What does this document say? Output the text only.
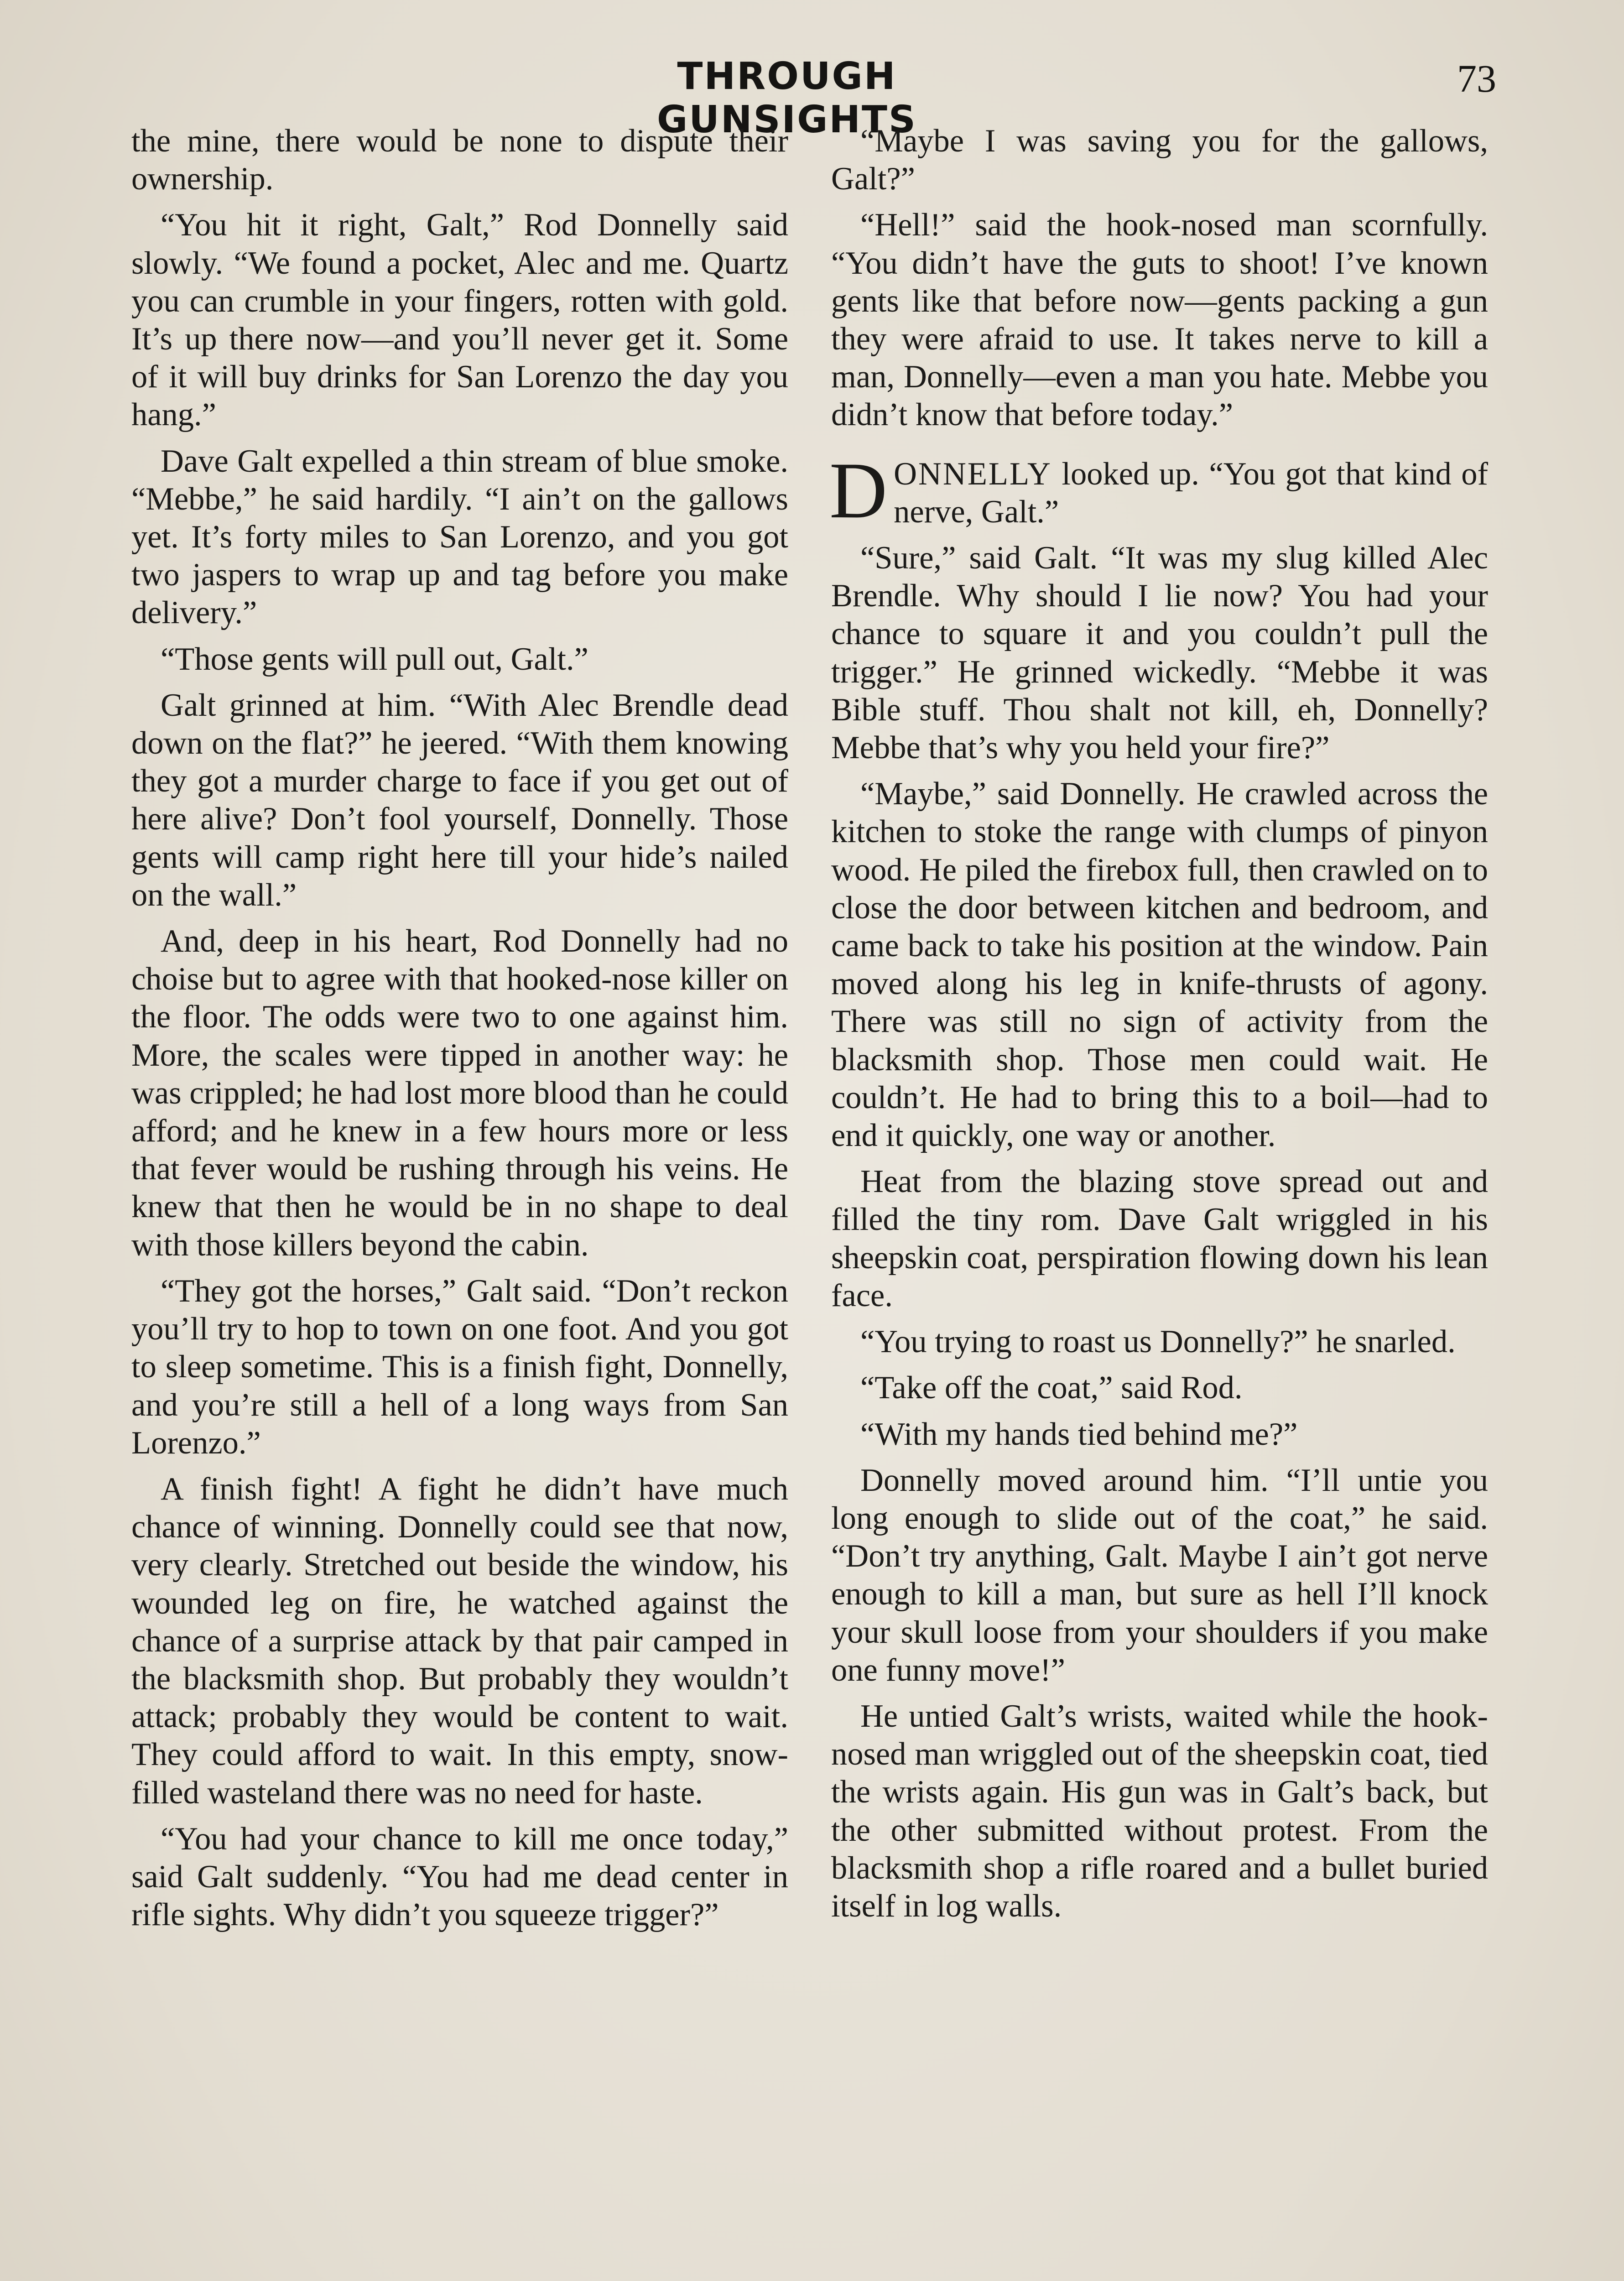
THROUGH GUNSIGHTS
73

the mine, there would be none to dispute their ownership.

“You hit it right, Galt,” Rod Donnelly said slowly. “We found a pocket, Alec and me. Quartz you can crumble in your fingers, rotten with gold. It’s up there now—and you’ll never get it. Some of it will buy drinks for San Lorenzo the day you hang.”

Dave Galt expelled a thin stream of blue smoke. “Mebbe,” he said hardily. “I ain’t on the gallows yet. It’s forty miles to San Lorenzo, and you got two jaspers to wrap up and tag before you make delivery.”

“Those gents will pull out, Galt.”

Galt grinned at him. “With Alec Brendle dead down on the flat?” he jeered. “With them knowing they got a murder charge to face if you get out of here alive? Don’t fool yourself, Donnelly. Those gents will camp right here till your hide’s nailed on the wall.”

And, deep in his heart, Rod Donnelly had no choise but to agree with that hooked-nose killer on the floor. The odds were two to one against him. More, the scales were tipped in another way: he was crippled; he had lost more blood than he could afford; and he knew in a few hours more or less that fever would be rushing through his veins. He knew that then he would be in no shape to deal with those killers beyond the cabin.

“They got the horses,” Galt said. “Don’t reckon you’ll try to hop to town on one foot. And you got to sleep sometime. This is a finish fight, Donnelly, and you’re still a hell of a long ways from San Lorenzo.”

A finish fight! A fight he didn’t have much chance of winning. Donnelly could see that now, very clearly. Stretched out beside the window, his wounded leg on fire, he watched against the chance of a surprise attack by that pair camped in the blacksmith shop. But probably they wouldn’t attack; probably they would be content to wait. They could afford to wait. In this empty, snow-filled wasteland there was no need for haste.

“You had your chance to kill me once today,” said Galt suddenly. “You had me dead center in rifle sights. Why didn’t you squeeze trigger?”

“Maybe I was saving you for the gallows, Galt?”

“Hell!” said the hook-nosed man scornfully. “You didn’t have the guts to shoot! I’ve known gents like that before now—gents packing a gun they were afraid to use. It takes nerve to kill a man, Donnelly—even a man you hate. Mebbe you didn’t know that before today.”

DONNELLY looked up. “You got that kind of nerve, Galt.”

“Sure,” said Galt. “It was my slug killed Alec Brendle. Why should I lie now? You had your chance to square it and you couldn’t pull the trigger.” He grinned wickedly. “Mebbe it was Bible stuff. Thou shalt not kill, eh, Donnelly? Mebbe that’s why you held your fire?”

“Maybe,” said Donnelly. He crawled across the kitchen to stoke the range with clumps of pinyon wood. He piled the firebox full, then crawled on to close the door between kitchen and bedroom, and came back to take his position at the window. Pain moved along his leg in knife-thrusts of agony. There was still no sign of activity from the blacksmith shop. Those men could wait. He couldn’t. He had to bring this to a boil—had to end it quickly, one way or another.

Heat from the blazing stove spread out and filled the tiny rom. Dave Galt wriggled in his sheepskin coat, perspiration flowing down his lean face.

“You trying to roast us Donnelly?” he snarled.

“Take off the coat,” said Rod.

“With my hands tied behind me?”

Donnelly moved around him. “I’ll untie you long enough to slide out of the coat,” he said. “Don’t try anything, Galt. Maybe I ain’t got nerve enough to kill a man, but sure as hell I’ll knock your skull loose from your shoulders if you make one funny move!”

He untied Galt’s wrists, waited while the hook-nosed man wriggled out of the sheepskin coat, tied the wrists again. His gun was in Galt’s back, but the other submitted without protest. From the blacksmith shop a rifle roared and a bullet buried itself in log walls.
